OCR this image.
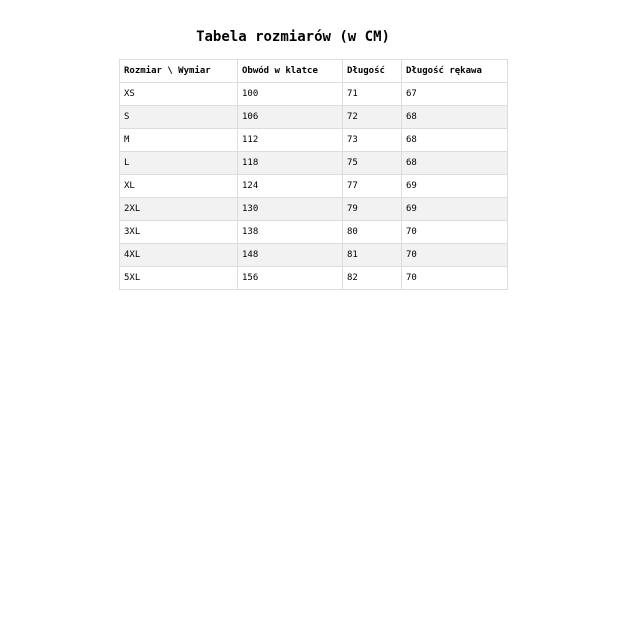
Tabela rozmiarów (w CM)
Rozmiar \ Wymiar	Obwód w klatce	Długość	Długość rękawa
XS	100	71	67
S	106	72	68
M	112	73	68
L	118	75	68
XL	124	77	69
2XL	130	79	69
3XL	138	80	70
4XL	148	81	70
5XL	156	82	70
